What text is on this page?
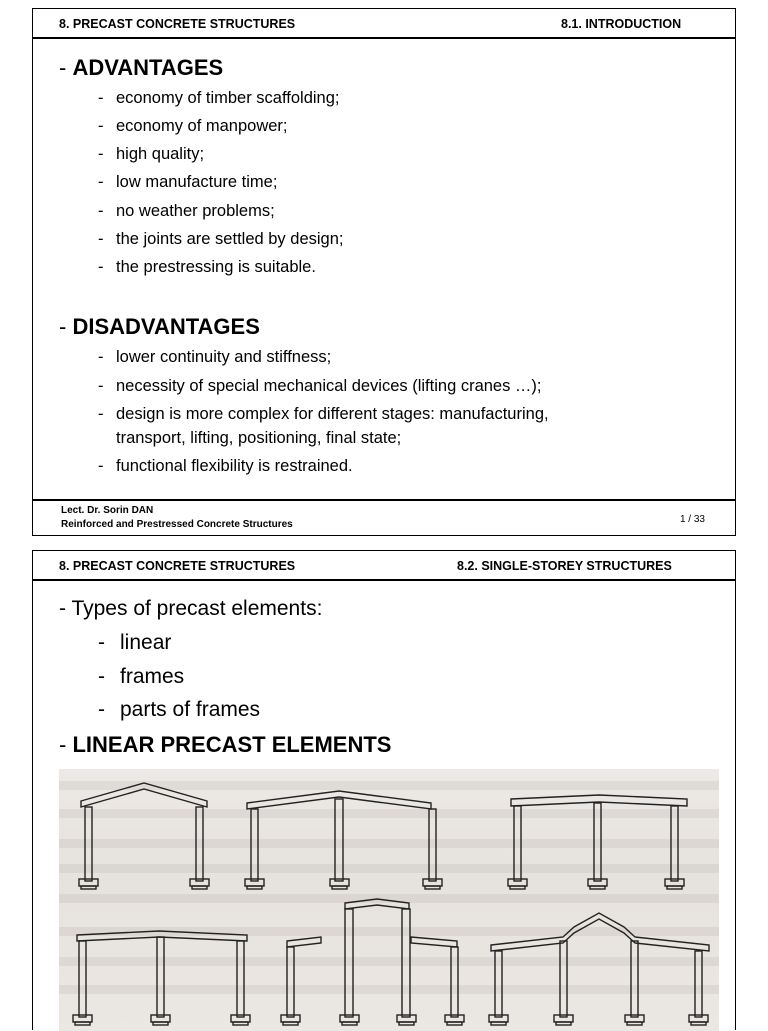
8. PRECAST CONCRETE STRUCTURES	8.1. INTRODUCTION
- ADVANTAGES
- economy of timber scaffolding;
- economy of manpower;
- high quality;
- low manufacture time;
- no weather problems;
- the joints are settled by design;
- the prestressing is suitable.
- DISADVANTAGES
- lower continuity and stiffness;
- necessity of special mechanical devices (lifting cranes …);
- design is more complex for different stages: manufacturing,
transport, lifting, positioning, final state;
- functional flexibility is restrained.
Lect. Dr. Sorin DAN
Reinforced and Prestressed Concrete Structures	1 / 33
8. PRECAST CONCRETE STRUCTURES	8.2. SINGLE-STOREY STRUCTURES
- Types of precast elements:
- linear
- frames
- parts of frames
- LINEAR PRECAST ELEMENTS
